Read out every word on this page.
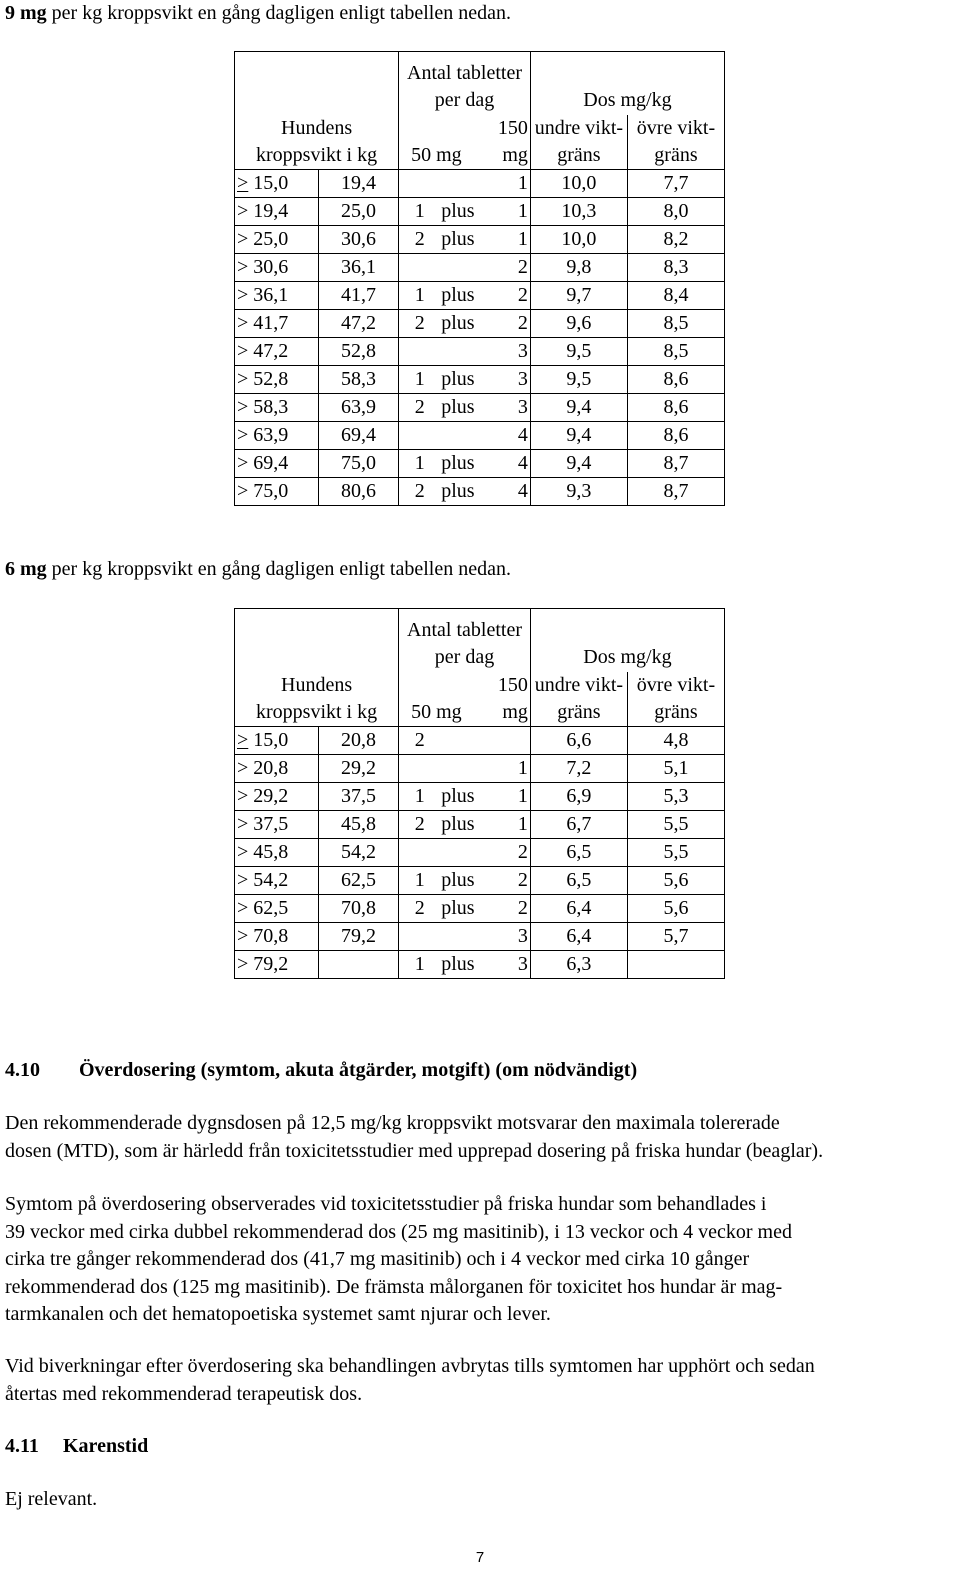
9 mg per kg kroppsvikt en gång dagligen enligt tabellen nedan.

		Antal tabletter per dag			Dos mg/kg	
Hundens kroppsvikt i kg		50 mg		150 mg	undre vikt-gräns	övre vikt-gräns
> 15,0	19,4			1	10,0	7,7
> 19,4	25,0	1	plus	1	10,3	8,0
> 25,0	30,6	2	plus	1	10,0	8,2
> 30,6	36,1			2	9,8	8,3
> 36,1	41,7	1	plus	2	9,7	8,4
> 41,7	47,2	2	plus	2	9,6	8,5
> 47,2	52,8			3	9,5	8,5
> 52,8	58,3	1	plus	3	9,5	8,6
> 58,3	63,9	2	plus	3	9,4	8,6
> 63,9	69,4			4	9,4	8,6
> 69,4	75,0	1	plus	4	9,4	8,7
> 75,0	80,6	2	plus	4	9,3	8,7

6 mg per kg kroppsvikt en gång dagligen enligt tabellen nedan.

		Antal tabletter per dag			Dos mg/kg	
Hundens kroppsvikt i kg		50 mg		150 mg	undre vikt-gräns	övre vikt-gräns
> 15,0	20,8	2			6,6	4,8
> 20,8	29,2			1	7,2	5,1
> 29,2	37,5	1	plus	1	6,9	5,3
> 37,5	45,8	2	plus	1	6,7	5,5
> 45,8	54,2			2	6,5	5,5
> 54,2	62,5	1	plus	2	6,5	5,6
> 62,5	70,8	2	plus	2	6,4	5,6
> 70,8	79,2			3	6,4	5,7
> 79,2		1	plus	3	6,3	
4.10 Överdosering (symtom, akuta åtgärder, motgift) (om nödvändigt)

Den rekommenderade dygnsdosen på 12,5 mg/kg kroppsvikt motsvarar den maximala tolererade
dosen (MTD), som är härledd från toxicitetsstudier med upprepad dosering på friska hundar (beaglar).

Symtom på överdosering observerades vid toxicitetsstudier på friska hundar som behandlades i
39 veckor med cirka dubbel rekommenderad dos (25 mg masitinib), i 13 veckor och 4 veckor med
cirka tre gånger rekommenderad dos (41,7 mg masitinib) och i 4 veckor med cirka 10 gånger
rekommenderad dos (125 mg masitinib). De främsta målorganen för toxicitet hos hundar är mag-
tarmkanalen och det hematopoetiska systemet samt njurar och lever.

Vid biverkningar efter överdosering ska behandlingen avbrytas tills symtomen har upphört och sedan
återtas med rekommenderad terapeutisk dos.

4.11 Karenstid

Ej relevant.

7
